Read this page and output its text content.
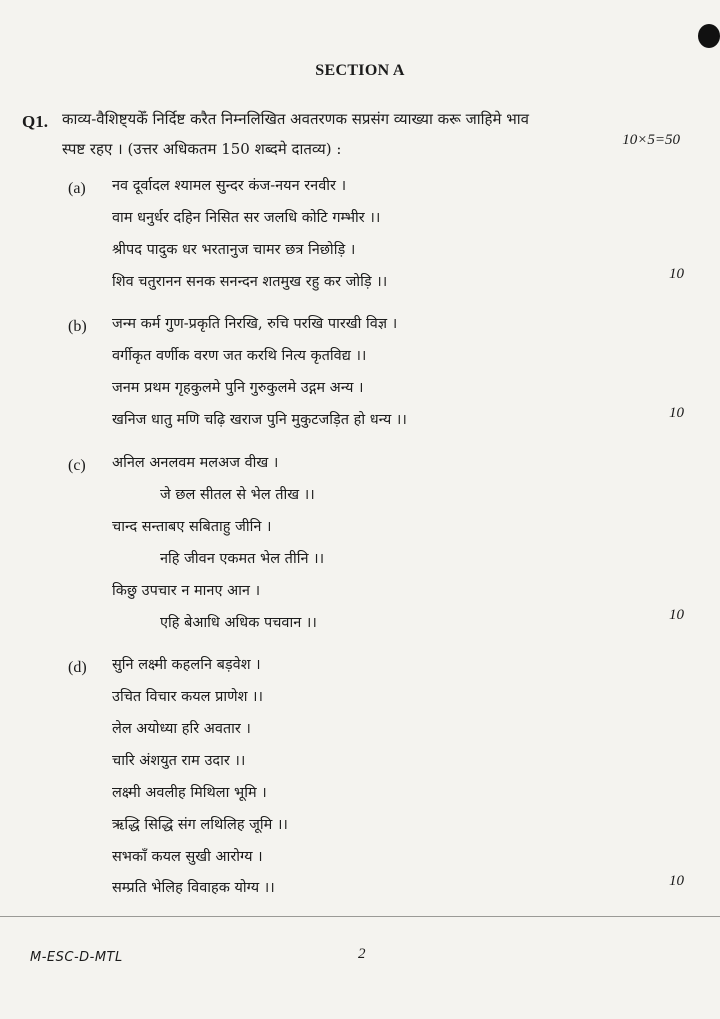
SECTION A
Q1. काव्य-वैशिष्ट्यकेँ निर्दिष्ट करैत निम्नलिखित अवतरणक सप्रसंग व्याख्या करू जाहिमे भाव
स्पष्ट रहए । (उत्तर अधिकतम 150 शब्दमे दातव्य) :	10×5=50
(a) नव दूर्वादल श्यामल सुन्दर कंज-नयन रनवीर ।
वाम धनुर्धर दहिन निसित सर जलधि कोटि गम्भीर ।।
श्रीपद पादुक धर भरतानुज चामर छत्र निछोड़ि ।
शिव चतुरानन सनक सनन्दन शतमुख रहु कर जोड़ि ।।	10
(b) जन्म कर्म गुण-प्रकृति निरखि, रुचि परखि पारखी विज्ञ ।
वर्गीकृत वर्णीक वरण जत करथि नित्य कृतविद्य ।।
जनम प्रथम गृहकुलमे पुनि गुरुकुलमे उद्गम अन्य ।
खनिज धातु मणि चढ़ि खराज पुनि मुकुटजड़ित हो धन्य ।।	10
(c) अनिल अनलवम मलअज वीख ।
जे छल सीतल से भेल तीख ।।
चान्द सन्ताबए सबिताहु जीनि ।
नहि जीवन एकमत भेल तीनि ।।
किछु उपचार न मानए आन ।
एहि बेआधि अधिक पचवान ।।	10
(d) सुनि लक्ष्मी कहलनि बड़वेश ।
उचित विचार कयल प्राणेश ।।
लेल अयोध्या हरि अवतार ।
चारि अंशयुत राम उदार ।।
लक्ष्मी अवलीह मिथिला भूमि ।
ऋद्धि सिद्धि संग लथिलिह जूमि ।।
सभकाँ कयल सुखी आरोग्य ।
सम्प्रति भेलिह विवाहक योग्य ।।	10
M-ESC-D-MTL	2
